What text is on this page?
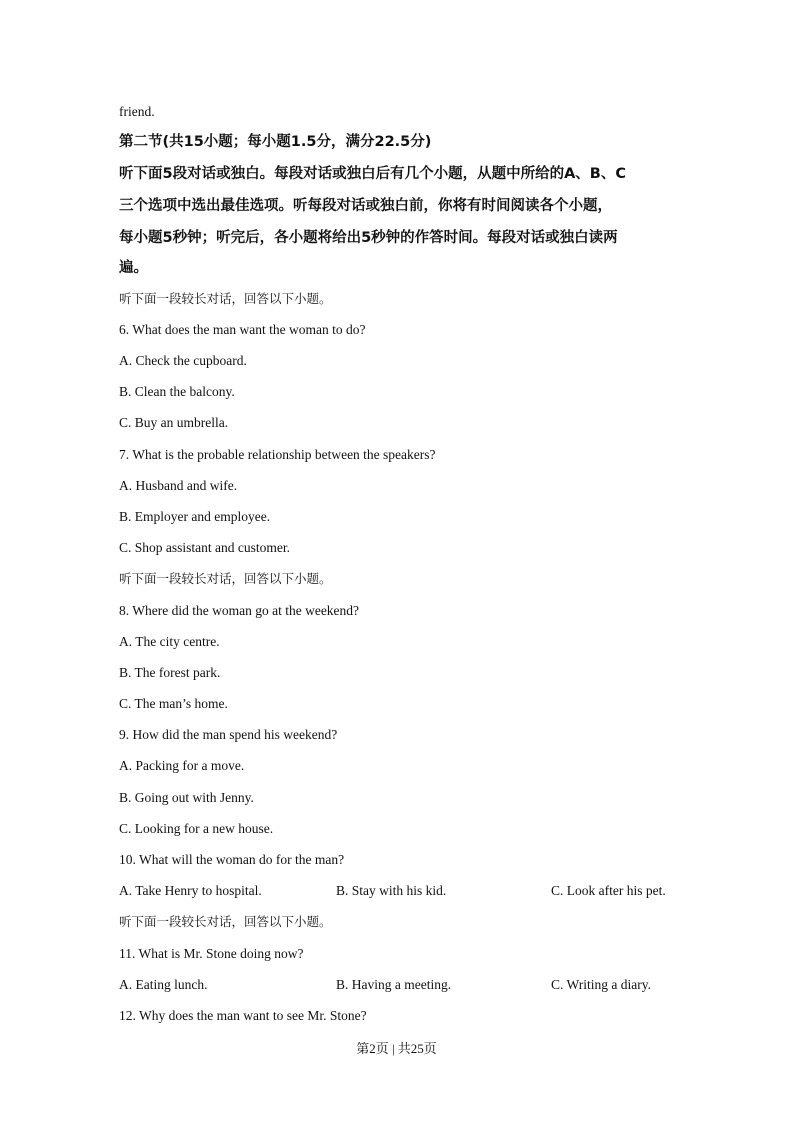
friend.
第二节(共15小题；每小题1.5分，满分22.5分)
听下面5段对话或独白。每段对话或独白后有几个小题，从题中所给的A、B、C
三个选项中选出最佳选项。听每段对话或独白前，你将有时间阅读各个小题，
每小题5秒钟；听完后，各小题将给出5秒钟的作答时间。每段对话或独白读两
遍。
听下面一段较长对话，回答以下小题。
6. What does the man want the woman to do?
A. Check the cupboard.
B. Clean the balcony.
C. Buy an umbrella.
7. What is the probable relationship between the speakers?
A. Husband and wife.
B. Employer and employee.
C. Shop assistant and customer.
听下面一段较长对话，回答以下小题。
8. Where did the woman go at the weekend?
A. The city centre.
B. The forest park.
C. The man’s home.
9. How did the man spend his weekend?
A. Packing for a move.
B. Going out with Jenny.
C. Looking for a new house.
10. What will the woman do for the man?
A. Take Henry to hospital.	B. Stay with his kid.	C. Look after his pet.
听下面一段较长对话，回答以下小题。
11. What is Mr. Stone doing now?
A. Eating lunch.	B. Having a meeting.	C. Writing a diary.
12. Why does the man want to see Mr. Stone?
第2页 | 共25页
